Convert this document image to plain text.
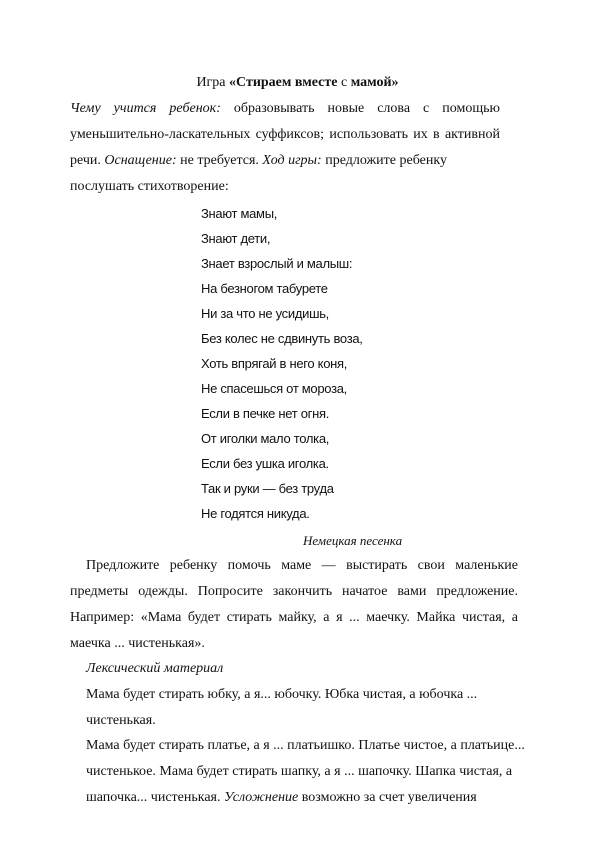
Игра «Стираем вместе с мамой»
Чему учится ребенок: образовывать новые слова с помощью
уменьшительно-ласкательных суффиксов; использовать их в активной
речи. Оснащение: не требуется. Ход игры: предложите ребенку
послушать стихотворение:
Знают мамы,
Знают дети,
Знает взрослый и малыш:
На безногом табурете
Ни за что не усидишь,
Без колес не сдвинуть воза,
Хоть впрягай в него коня,
Не спасешься от мороза,
Если в печке нет огня.
От иголки мало толка,
Если без ушка иголка.
Так и руки — без труда
Не годятся никуда.
Немецкая песенка
Предложите ребенку помочь маме — выстирать свои маленькие
предметы одежды. Попросите закончить начатое вами предложение.
Например: «Мама будет стирать майку, а я ... маечку. Майка чистая, а
маечка ... чистенькая».
Лексический материал
Мама будет стирать юбку, а я... юбочку. Юбка чистая, а юбочка ...
чистенькая.
Мама будет стирать платье, а я ... платьишко. Платье чистое, а платьице...
чистенькое. Мама будет стирать шапку, а я ... шапочку. Шапка чистая, а
шапочка... чистенькая. Усложнение возможно за счет увеличения
